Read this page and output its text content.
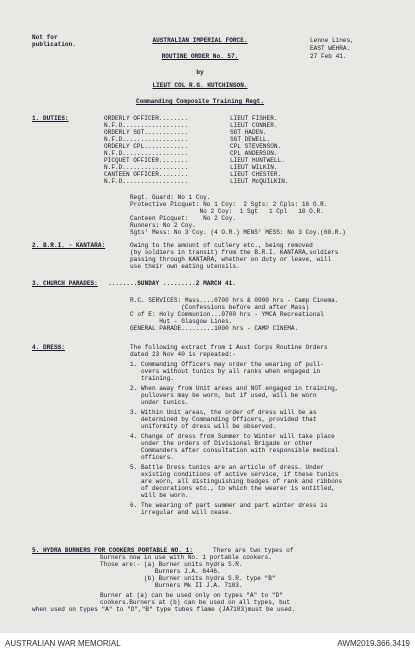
Not for
publication.
AUSTRALIAN IMPERIAL FORCE.
ROUTINE ORDER No. 57.
by
LIEUT COL R.G. HUTCHINSON.
Commanding Composite Training Regt.
Lenne Lines,
EAST WEHRA.
27 Feb 41.
1. DUTIES:	ORDERLY OFFICER........	LIEUT FISHER.
N.F.D..................	LIEUT CONNER.
ORDERLY SGT............	SGT HADEN.
N.F.D..................	SGT DEWELL.
ORDERLY CPL............	CPL STEVENSON.
N.F.D..................	CPL ANDERSON.
PICQUET OFFICER........	LIEUT HUNTWELL.
N.F.D..................	LIEUT WILKIN.
CANTEEN OFFICER........	LIEUT CHESTER.
N.F.D..................	LIEUT McQUILKIN.
Regt. Guard: No 1 Coy.
Protective Picquet: No 1 Coy:  2 Sgts: 2 Cpls: 16 O.R.
No 2 Coy:  1 Sgt   1 Cpl   10 O.R.
Canteen Picquet:    No 2 Coy.
Runners: No 2 Coy.
Sgts' Mess: No 3 Coy. (4 O.R.) MENS' MESS: No 3 Coy.(60.R.)
2. B.R.I. - KANTARA:	Owing to the amount of cutlery etc., being removed
(by soldiers in transit) from the B.R.I. KANTARA,soldiers
passing through KANTARA, whether on duty or leave, will
use their own eating utensils.
3. CHURCH PARADES: ........SUNDAY .........2 MARCH 41.
R.C. SERVICES: Mass....0700 hrs & 0900 hrs - Camp Cinema.
(Confessions before and after Mass)
C of E: Holy Communion...0700 hrs - YMCA Recreational
Hut - Glasgow Lines.
GENERAL PARADE.........1000 hrs - CAMP CINEMA.
4. DRESS:	The following extract from 1 Aust Corps Routine Orders
dated 23 Nov 40 is repeated:-
1. Commanding Officers may order the wearing of pull-
overs without tunics by all ranks when engaged in
training.
2. When away from Unit areas and NOT engaged in training,
pullovers may be worn, but if used, will be worn
under tunics.
3. Within Unit areas, the order of dress will be as
determined by Commanding Officers, provided that
uniformity of dress will be observed.
4. Change of dress from Summer to Winter will take place
under the orders of Divisional Brigade or other
Commanders after consultation with responsible medical
officers.
5. Battle Dress tunics are an article of dress. Under
existing conditions of active service, if these tunics
are worn, all distinguishing badges of rank and ribbons
of decorations etc., to which the wearer is entitled,
will be worn.
6. The wearing of part summer and part winter dress is
irregular and will cease.
5. HYDRA BURNERS FOR COOKERS PORTABLE NO. 1:	There are two types of
burners now in use with No. 1 portable cookers.
Those are:- (a) Burner units hydra S.R.
Burners J.A. 6446.
(b) Burner units hydra S.R. type "B"
Burners Mk II J.A. 7103.
Burner at (a) can be used only on types "A" to "D"
cookers.Burners at (b) can be used on all types, but
when used on types "A" to "D","B" type tubes flame (JA7103)must be used.
AUSTRALIAN WAR MEMORIAL	AWM2019.366.3419
